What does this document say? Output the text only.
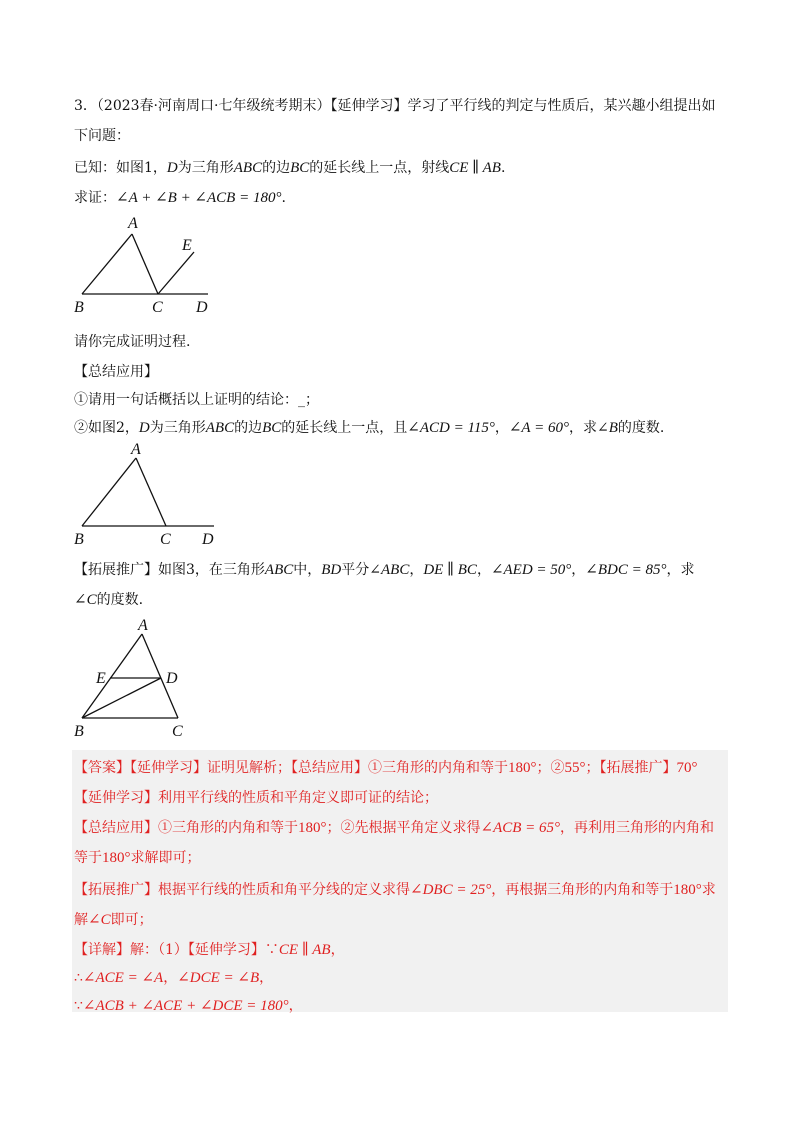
3．（2023春·河南周口·七年级统考期末）【延伸学习】学习了平行线的判定与性质后，某兴趣小组提出如
下问题：
已知：如图1，D为三角形ABC的边BC的延长线上一点，射线CE ∥ AB.
求证：∠A + ∠B + ∠ACB = 180°.
A
E
B	C D
请你完成证明过程.
【总结应用】
①请用一句话概括以上证明的结论：_；
②如图2，D为三角形ABC的边BC的延长线上一点，且∠ACD = 115°，∠A = 60°，求∠B的度数.
A
B	C D
【拓展推广】如图3，在三角形ABC中，BD平分∠ABC，DE ∥ BC，∠AED = 50°，∠BDC = 85°，求
∠C的度数.
A
E	D
B	C
【答案】【延伸学习】证明见解析；【总结应用】①三角形的内角和等于180°；②55°；【拓展推广】70°
【延伸学习】利用平行线的性质和平角定义即可证的结论；
【总结应用】①三角形的内角和等于180°；②先根据平角定义求得∠ACB = 65°，再利用三角形的内角和
等于180°求解即可；
【拓展推广】根据平行线的性质和角平分线的定义求得∠DBC = 25°，再根据三角形的内角和等于180°求
解∠C即可；
【详解】解：（1）【延伸学习】∵CE ∥ AB，
∴∠ACE = ∠A，∠DCE = ∠B，
∵∠ACB + ∠ACE + ∠DCE = 180°，
